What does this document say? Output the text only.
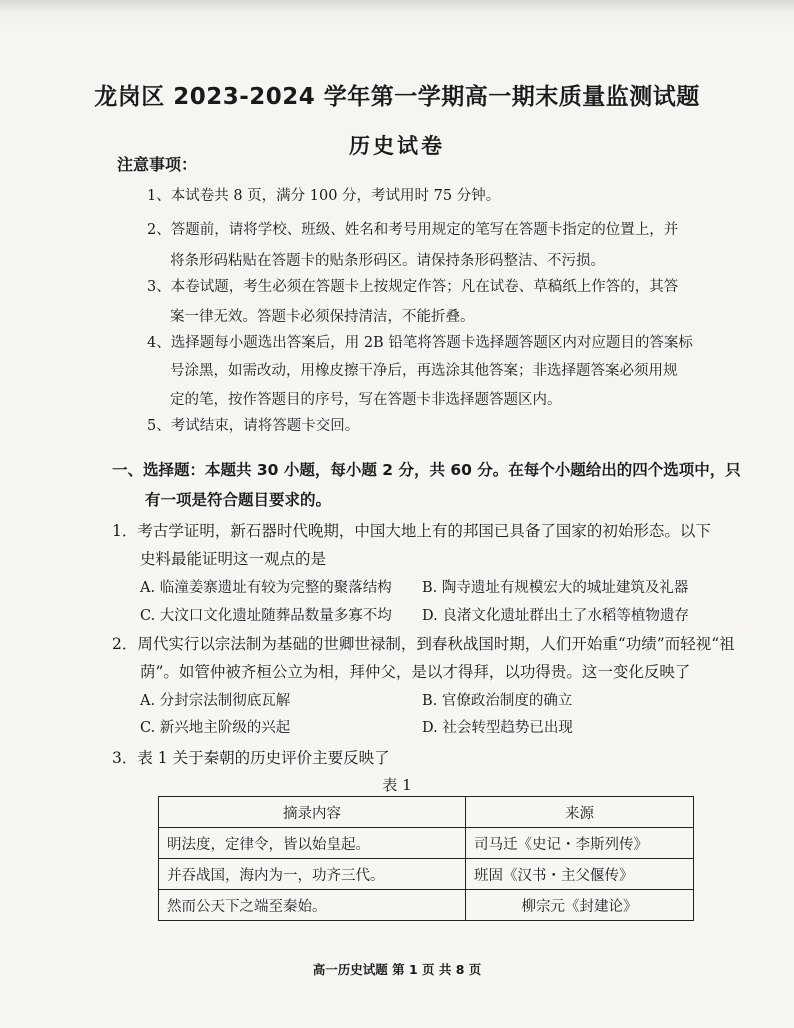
龙岗区 2023-2024 学年第一学期高一期末质量监测试题
历史试卷
注意事项：
1、本试卷共 8 页，满分 100 分，考试用时 75 分钟。
2、答题前，请将学校、班级、姓名和考号用规定的笔写在答题卡指定的位置上，并
将条形码粘贴在答题卡的贴条形码区。请保持条形码整洁、不污损。
3、本卷试题，考生必须在答题卡上按规定作答；凡在试卷、草稿纸上作答的，其答
案一律无效。答题卡必须保持清洁，不能折叠。
4、选择题每小题选出答案后，用 2B 铅笔将答题卡选择题答题区内对应题目的答案标
号涂黑，如需改动，用橡皮擦干净后，再选涂其他答案；非选择题答案必须用规
定的笔，按作答题目的序号，写在答题卡非选择题答题区内。
5、考试结束，请将答题卡交回。
一、选择题：本题共 30 小题，每小题 2 分，共 60 分。在每个小题给出的四个选项中，只
有一项是符合题目要求的。
1．考古学证明，新石器时代晚期，中国大地上有的邦国已具备了国家的初始形态。以下
史料最能证明这一观点的是
A. 临潼姜寨遗址有较为完整的聚落结构 B. 陶寺遗址有规模宏大的城址建筑及礼器
C. 大汶口文化遗址随葬品数量多寡不均 D. 良渚文化遗址群出土了水稻等植物遗存
2．周代实行以宗法制为基础的世卿世禄制，到春秋战国时期，人们开始重“功绩”而轻视“祖
荫”。如管仲被齐桓公立为相，拜仲父，是以才得拜，以功得贵。这一变化反映了
A. 分封宗法制彻底瓦解	B. 官僚政治制度的确立
C. 新兴地主阶级的兴起	D. 社会转型趋势已出现
3．表 1 关于秦朝的历史评价主要反映了
表 1
摘录内容	来源
明法度，定律令，皆以始皇起。	司马迁《史记・李斯列传》
并吞战国，海内为一，功齐三代。	班固《汉书・主父偃传》
然而公天下之端至秦始。	柳宗元《封建论》
高一历史试题 第 1 页 共 8 页
